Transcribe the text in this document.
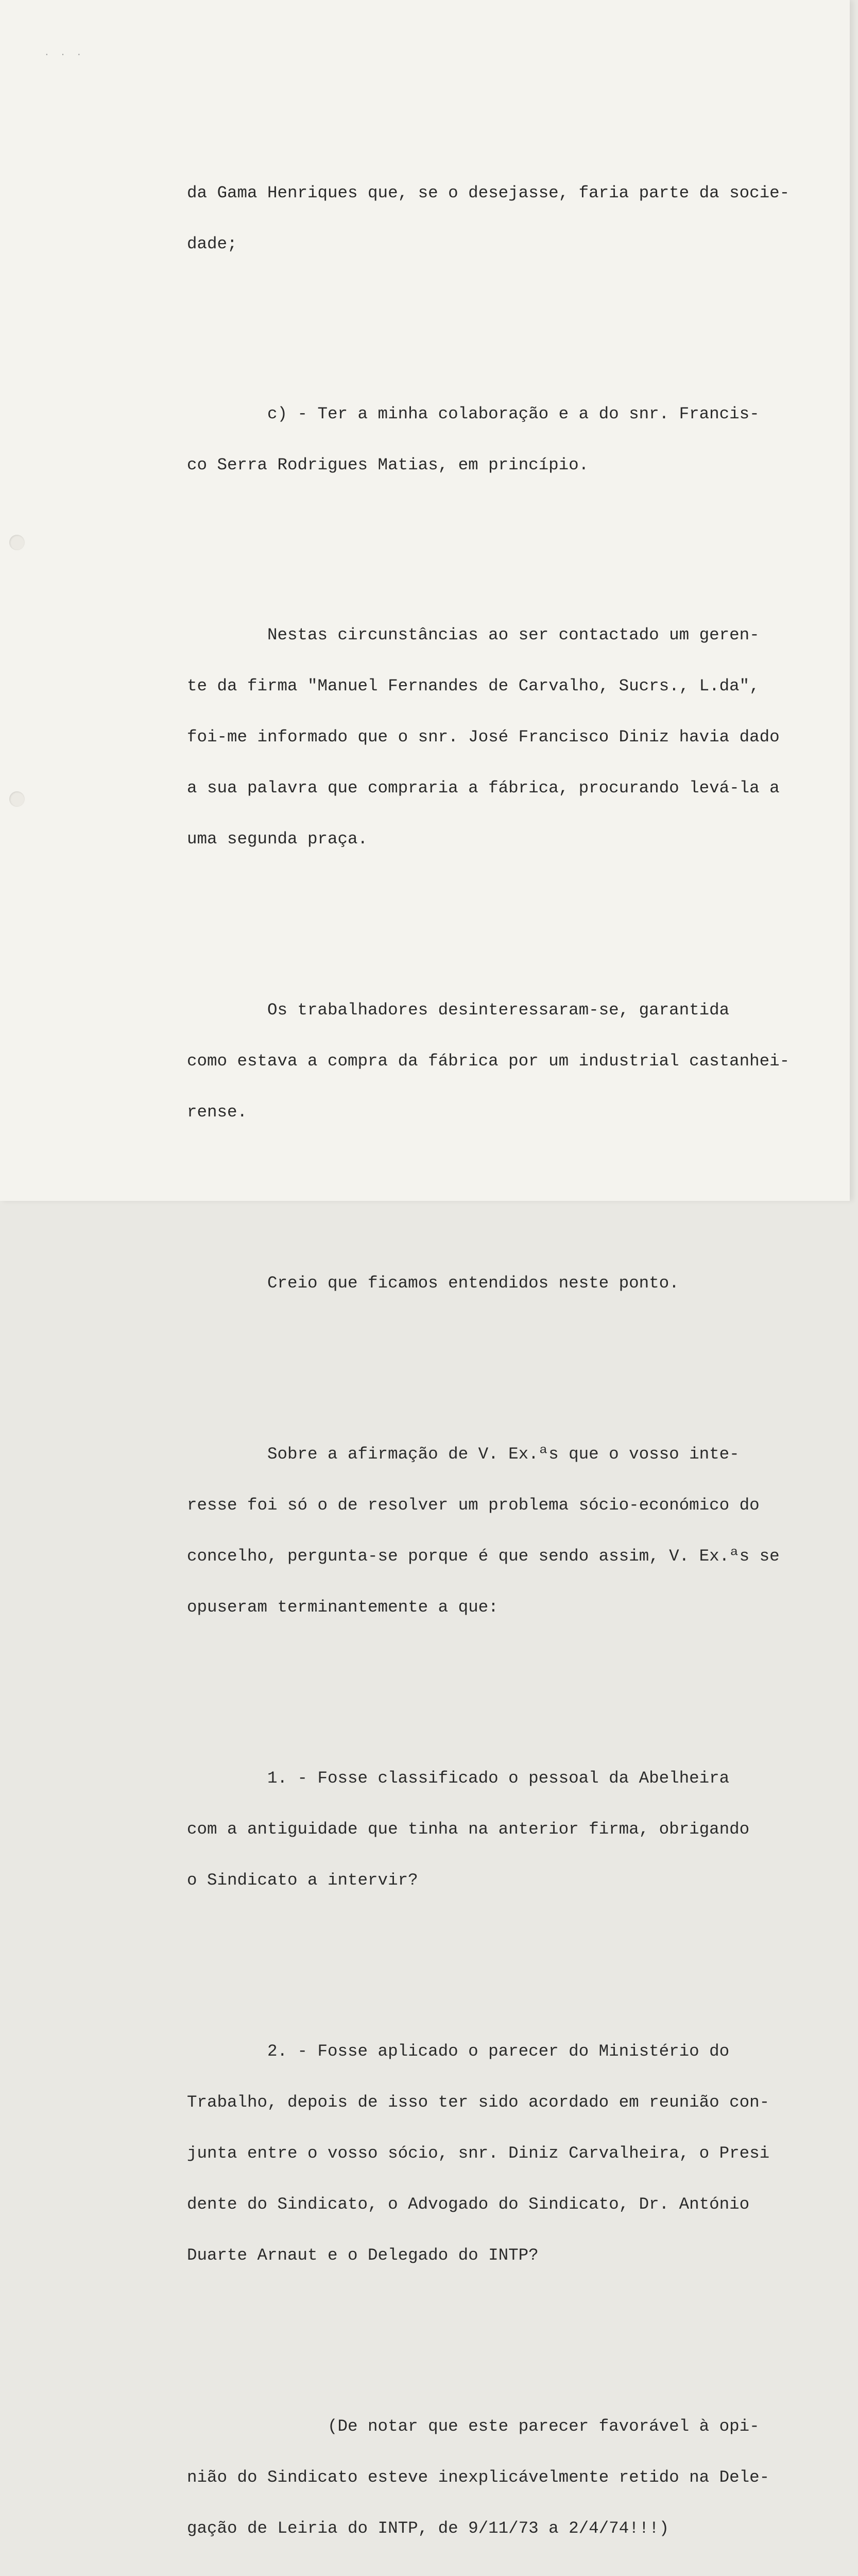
. . .

da Gama Henriques que, se o desejasse, faria parte da socie-

dade;

c) - Ter a minha colaboração e a do snr. Francis-

co Serra Rodrigues Matias, em princípio.

Nestas circunstâncias ao ser contactado um geren-

te da firma "Manuel Fernandes de Carvalho, Sucrs., L.da",

foi-me informado que o snr. José Francisco Diniz havia dado

a sua palavra que compraria a fábrica, procurando levá-la a

uma segunda praça.

Os trabalhadores desinteressaram-se, garantida

como estava a compra da fábrica por um industrial castanhei-

rense.

Creio que ficamos entendidos neste ponto.

Sobre a afirmação de V. Ex.ªs que o vosso inte-

resse foi só o de resolver um problema sócio-económico do

concelho, pergunta-se porque é que sendo assim, V. Ex.ªs se

opuseram terminantemente a que:

1. - Fosse classificado o pessoal da Abelheira

com a antiguidade que tinha na anterior firma, obrigando

o Sindicato a intervir?

2. - Fosse aplicado o parecer do Ministério do

Trabalho, depois de isso ter sido acordado em reunião con-

junta entre o vosso sócio, snr. Diniz Carvalheira, o Presi

dente do Sindicato, o Advogado do Sindicato, Dr. António

Duarte Arnaut e o Delegado do INTP?

(De notar que este parecer favorável à opi-

nião do Sindicato esteve inexplicávelmente retido na Dele-

gação de Leiria do INTP, de 9/11/73 a 2/4/74!!!)
